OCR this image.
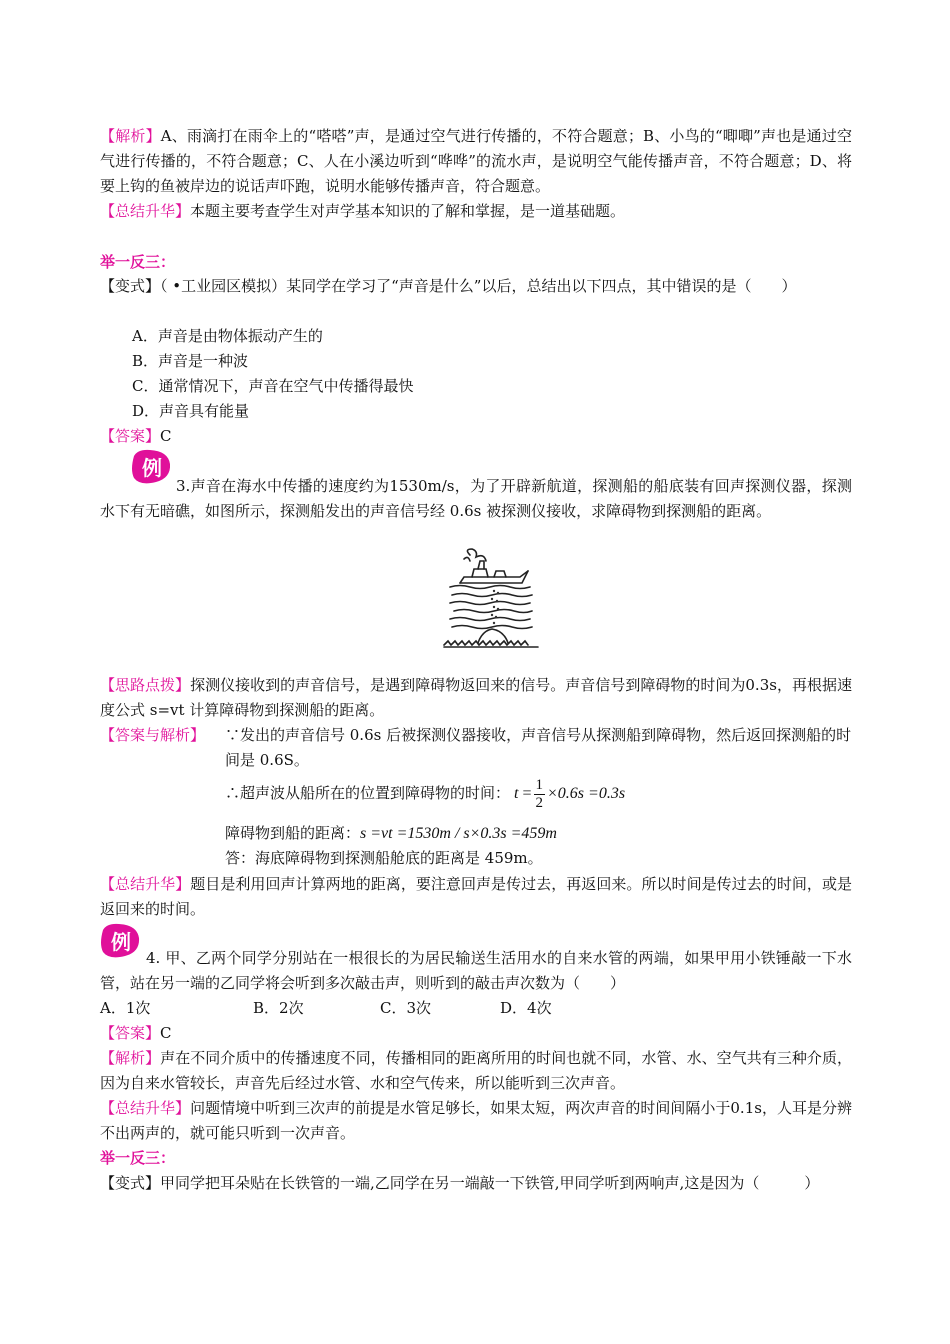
【解析】A、雨滴打在雨伞上的“嗒嗒”声，是通过空气进行传播的，不符合题意；B、小鸟的“唧唧”声也是通过空气进行传播的，不符合题意；C、人在小溪边听到“哗哗”的流水声，是说明空气能传播声音，不符合题意；D、将要上钩的鱼被岸边的说话声吓跑，说明水能够传播声音，符合题意。

【总结升华】本题主要考查学生对声学基本知识的了解和掌握，是一道基础题。

举一反三：

【变式】（ •工业园区模拟）某同学在学习了“声音是什么”以后，总结出以下四点，其中错误的是（　　）

A．声音是由物体振动产生的

B．声音是一种波

C．通常情况下，声音在空气中传播得最快

D．声音具有能量

【答案】C

例

3.声音在海水中传播的速度约为1530m/s，为了开辟新航道，探测船的船底装有回声探测仪器，探测水下有无暗礁，如图所示，探测船发出的声音信号经 0.6s 被探测仪接收，求障碍物到探测船的距离。

【思路点拨】探测仪接收到的声音信号，是遇到障碍物返回来的信号。声音信号到障碍物的时间为0.3s，再根据速度公式 s=vt 计算障碍物到探测船的距离。

【答案与解析】	∵发出的声音信号 0.6s 后被探测仪器接收，声音信号从探测船到障碍物，然后返回探测船的时间是 0.6S。

∴超声波从船所在的位置到障碍物的时间： $t = \frac{1}{2} \times 0.6s =0.3s$

障碍物到船的距离：s =vt =1530m / s×0.3s =459m

答：海底障碍物到探测船舱底的距离是 459m。

【总结升华】题目是利用回声计算两地的距离，要注意回声是传过去，再返回来。所以时间是传过去的时间，或是返回来的时间。

例

4. 甲、乙两个同学分别站在一根很长的为居民输送生活用水的自来水管的两端，如果甲用小铁锤敲一下水管，站在另一端的乙同学将会听到多次敲击声，则听到的敲击声次数为（　　）

A．1次	B．2次	C．3次	D．4次

【答案】C

【解析】声在不同介质中的传播速度不同，传播相同的距离所用的时间也就不同，水管、水、空气共有三种介质，因为自来水管较长，声音先后经过水管、水和空气传来，所以能听到三次声音。

【总结升华】问题情境中听到三次声的前提是水管足够长，如果太短，两次声音的时间间隔小于0.1s，人耳是分辨不出两声的，就可能只听到一次声音。

举一反三：

【变式】甲同学把耳朵贴在长铁管的一端,乙同学在另一端敲一下铁管,甲同学听到两响声,这是因为（　　　）
